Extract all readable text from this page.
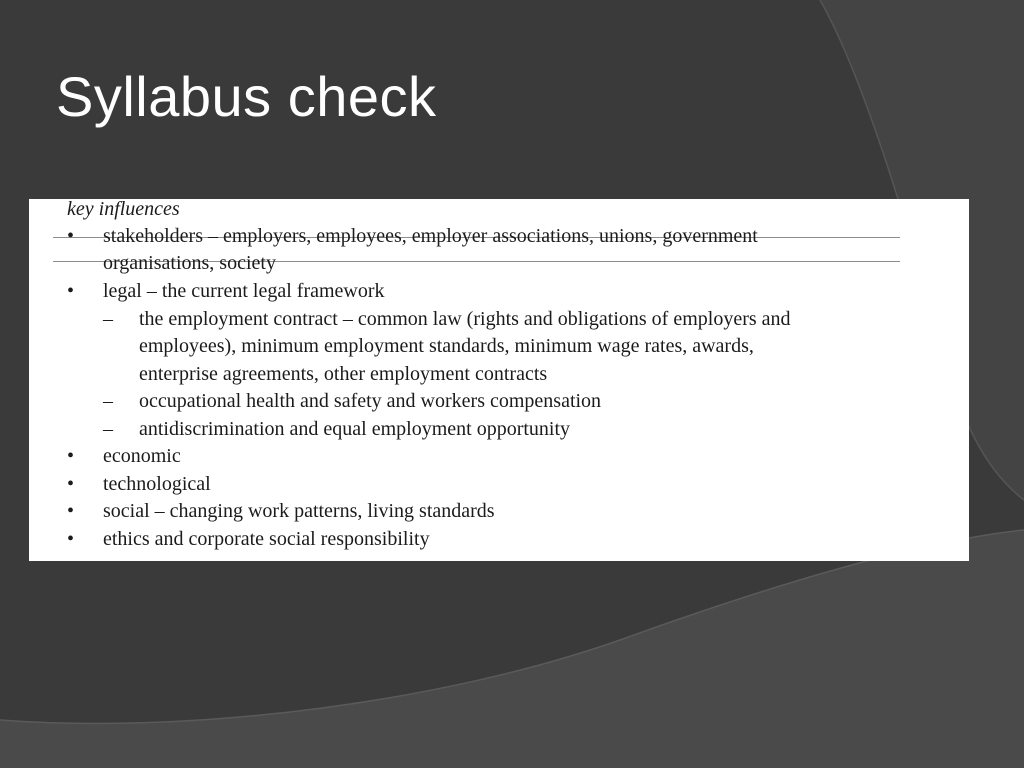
Syllabus check
key influences
• stakeholders – employers, employees, employer associations, unions, government
organisations, society
• legal – the current legal framework
– the employment contract – common law (rights and obligations of employers and
employees), minimum employment standards, minimum wage rates, awards,
enterprise agreements, other employment contracts
– occupational health and safety and workers compensation
– antidiscrimination and equal employment opportunity
• economic
• technological
• social – changing work patterns, living standards
• ethics and corporate social responsibility
